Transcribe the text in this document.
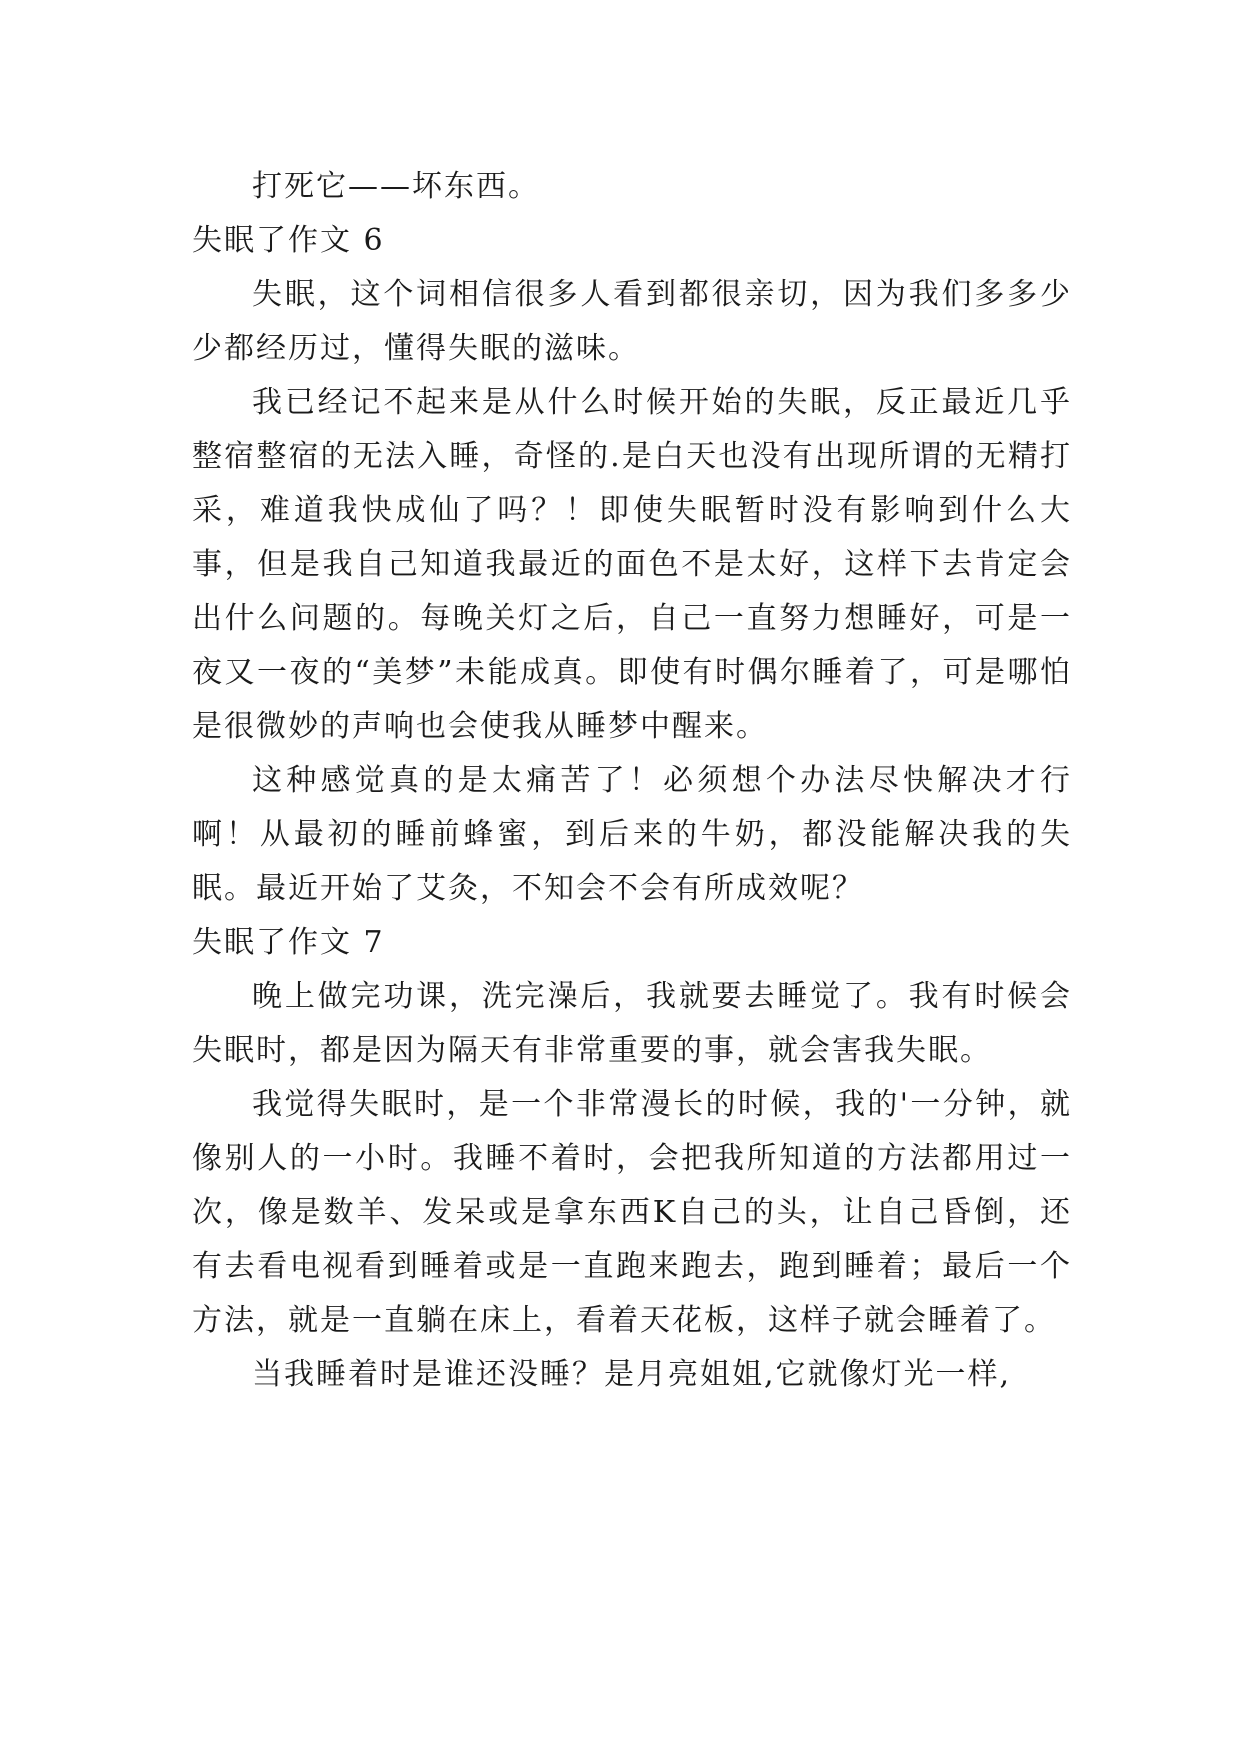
打死它——坏东西。

失眠了作文 6

失眠，这个词相信很多人看到都很亲切，因为我们多多少少都经历过，懂得失眠的滋味。

我已经记不起来是从什么时候开始的失眠，反正最近几乎整宿整宿的无法入睡，奇怪的.是白天也没有出现所谓的无精打采，难道我快成仙了吗？！即使失眠暂时没有影响到什么大事，但是我自己知道我最近的面色不是太好，这样下去肯定会出什么问题的。每晚关灯之后，自己一直努力想睡好，可是一夜又一夜的“美梦”未能成真。即使有时偶尔睡着了，可是哪怕是很微妙的声响也会使我从睡梦中醒来。

这种感觉真的是太痛苦了！必须想个办法尽快解决才行啊！从最初的睡前蜂蜜，到后来的牛奶，都没能解决我的失眠。最近开始了艾灸，不知会不会有所成效呢？

失眠了作文 7

晚上做完功课，洗完澡后，我就要去睡觉了。我有时候会失眠时，都是因为隔天有非常重要的事，就会害我失眠。

我觉得失眠时，是一个非常漫长的时候，我的'一分钟，就像别人的一小时。我睡不着时，会把我所知道的方法都用过一次，像是数羊、发呆或是拿东西K自己的头，让自己昏倒，还有去看电视看到睡着或是一直跑来跑去，跑到睡着；最后一个方法，就是一直躺在床上，看着天花板，这样子就会睡着了。

当我睡着时是谁还没睡？是月亮姐姐,它就像灯光一样,
